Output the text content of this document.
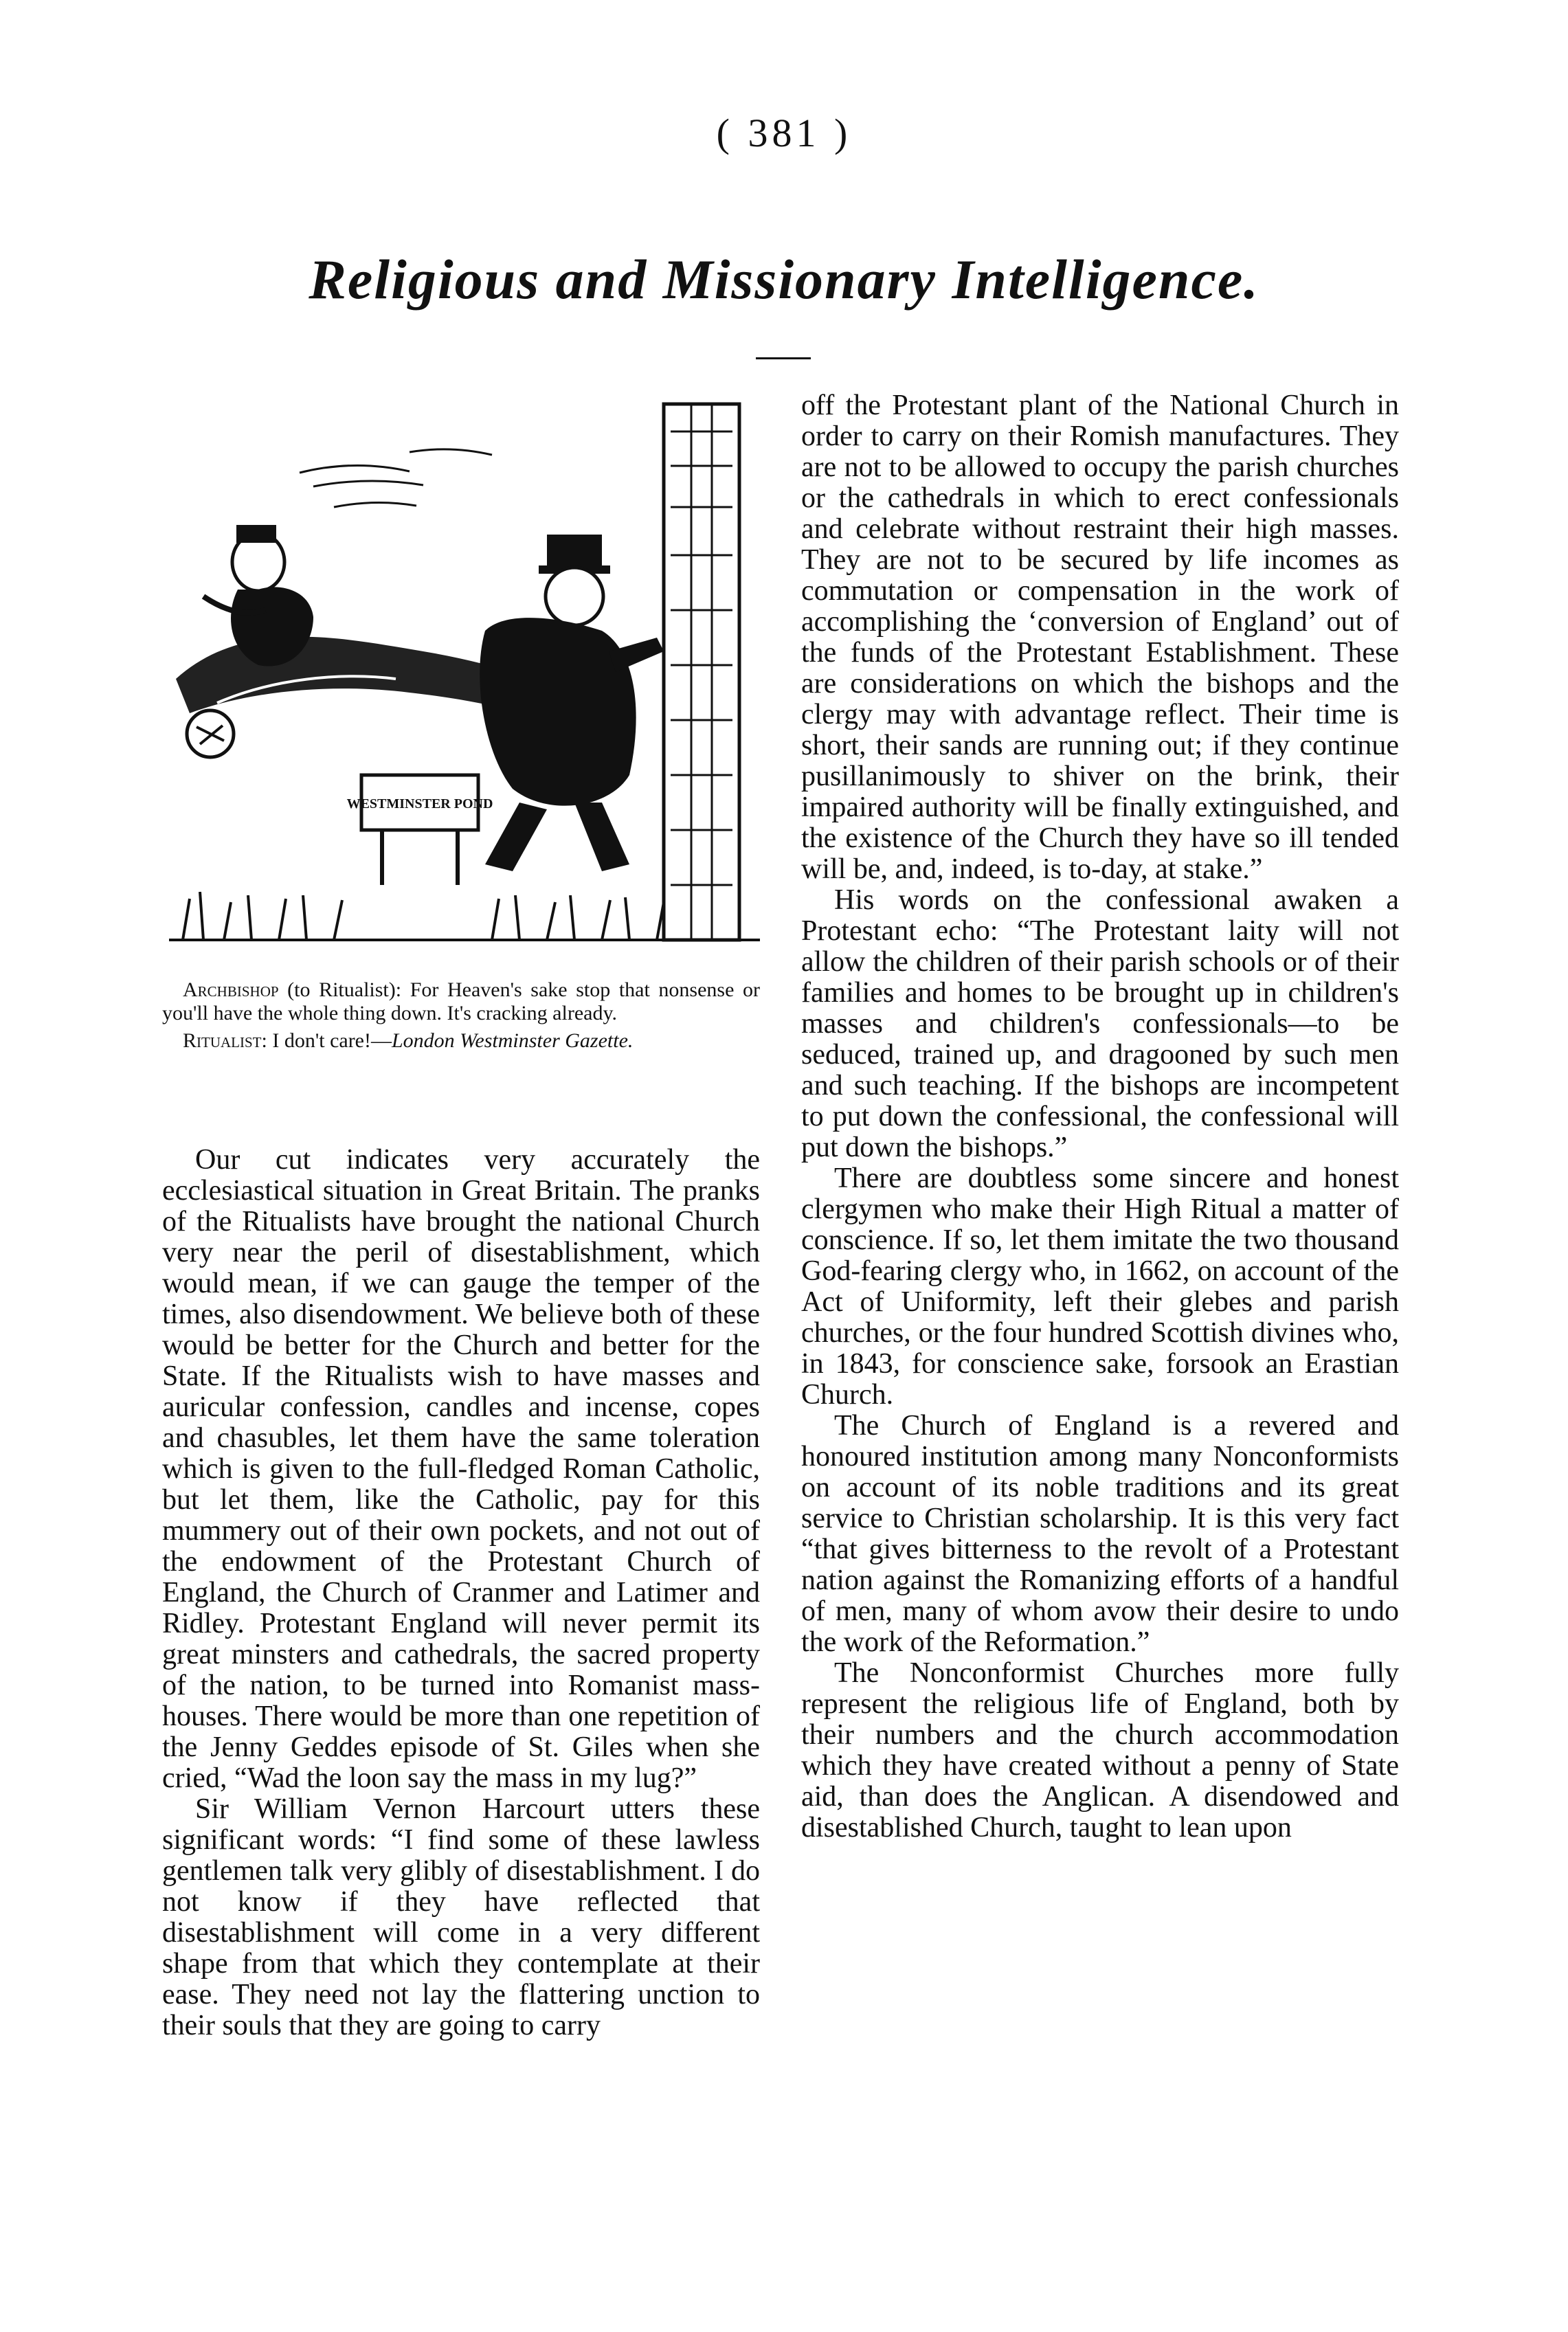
( 381 )
Religious and Missionary Intelligence.
WESTMINSTER POND

Archbishop (to Ritualist): For Heaven's sake stop that nonsense or you'll have the whole thing down. It's cracking already.

Ritualist: I don't care!—London Westminster Gazette.

Our cut indicates very accurately the ecclesiastical situation in Great Britain. The pranks of the Ritualists have brought the national Church very near the peril of disestablishment, which would mean, if we can gauge the temper of the times, also disendowment. We believe both of these would be better for the Church and better for the State. If the Ritualists wish to have masses and auricular confession, candles and incense, copes and chasubles, let them have the same toleration which is given to the full-fledged Roman Catholic, but let them, like the Catholic, pay for this mummery out of their own pockets, and not out of the endowment of the Protestant Church of England, the Church of Cranmer and Latimer and Ridley. Protestant England will never permit its great minsters and cathedrals, the sacred property of the nation, to be turned into Romanist mass-houses. There would be more than one repetition of the Jenny Geddes episode of St. Giles when she cried, “Wad the loon say the mass in my lug?”

Sir William Vernon Harcourt utters these significant words: “I find some of these lawless gentlemen talk very glibly of disestablishment. I do not know if they have reflected that disestablishment will come in a very different shape from that which they contemplate at their ease. They need not lay the flattering unction to their souls that they are going to carry

off the Protestant plant of the National Church in order to carry on their Romish manufactures. They are not to be allowed to occupy the parish churches or the cathedrals in which to erect confessionals and celebrate without restraint their high masses. They are not to be secured by life incomes as commutation or compensation in the work of accomplishing the ‘conversion of England’ out of the funds of the Protestant Establishment. These are considerations on which the bishops and the clergy may with advantage reflect. Their time is short, their sands are running out; if they continue pusillanimously to shiver on the brink, their impaired authority will be finally extinguished, and the existence of the Church they have so ill tended will be, and, indeed, is to-day, at stake.”

His words on the confessional awaken a Protestant echo: “The Protestant laity will not allow the children of their parish schools or of their families and homes to be brought up in children's masses and children's confessionals—to be seduced, trained up, and dragooned by such men and such teaching. If the bishops are incompetent to put down the confessional, the confessional will put down the bishops.”

There are doubtless some sincere and honest clergymen who make their High Ritual a matter of conscience. If so, let them imitate the two thousand God-fearing clergy who, in 1662, on account of the Act of Uniformity, left their glebes and parish churches, or the four hundred Scottish divines who, in 1843, for conscience sake, forsook an Erastian Church.

The Church of England is a revered and honoured institution among many Nonconformists on account of its noble traditions and its great service to Christian scholarship. It is this very fact “that gives bitterness to the revolt of a Protestant nation against the Romanizing efforts of a handful of men, many of whom avow their desire to undo the work of the Reformation.”

The Nonconformist Churches more fully represent the religious life of England, both by their numbers and the church accommodation which they have created without a penny of State aid, than does the Anglican. A disendowed and disestablished Church, taught to lean upon
